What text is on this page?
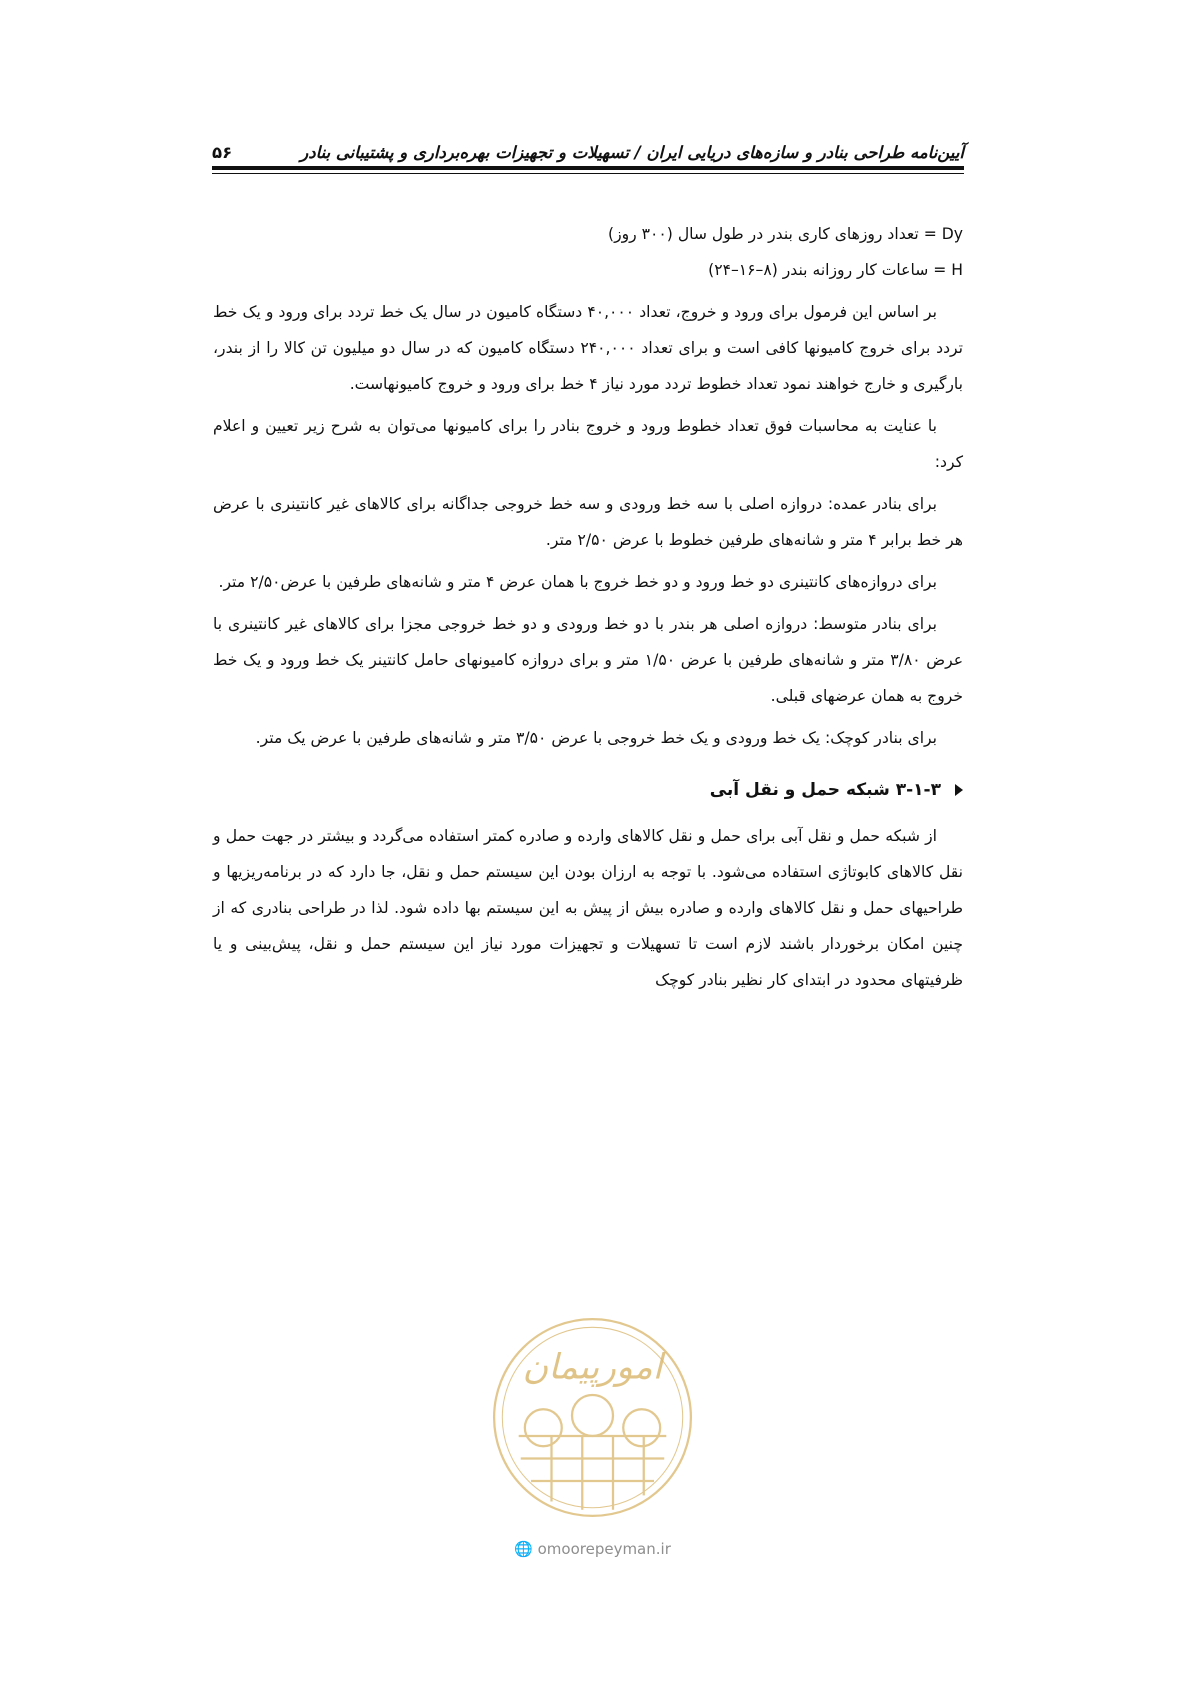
آیین‌نامه طراحی بنادر و سازه‌های دریایی ایران / تسهیلات و تجهیزات بهره‌برداری و پشتیبانی بنادر
۵۶

Dy = تعداد روزهای کاری بندر در طول سال (۳۰۰ روز)

H = ساعات کار روزانه بندر (۸–۱۶–۲۴)

بر اساس این فرمول برای ورود و خروج، تعداد ۴۰,۰۰۰ دستگاه کامیون در سال یک خط تردد برای ورود و یک خط تردد برای خروج کامیونها کافی است و برای تعداد ۲۴۰,۰۰۰ دستگاه کامیون که در سال دو میلیون تن کالا را از بندر، بارگیری و خارج خواهند نمود تعداد خطوط تردد مورد نیاز ۴ خط برای ورود و خروج کامیونهاست.

با عنایت به محاسبات فوق تعداد خطوط ورود و خروج بنادر را برای کامیونها می‌توان به شرح زیر تعیین و اعلام کرد:

برای بنادر عمده: دروازه اصلی با سه خط ورودی و سه خط خروجی جداگانه برای کالاهای غیر کانتینری با عرض هر خط برابر ۴ متر و شانه‌های طرفین خطوط با عرض ۲/۵۰ متر.

برای دروازه‌های کانتینری دو خط ورود و دو خط خروج با همان عرض ۴ متر و شانه‌های طرفین با عرض۲/۵۰ متر.

برای بنادر متوسط: دروازه اصلی هر بندر با دو خط ورودی و دو خط خروجی مجزا برای کالاهای غیر کانتینری با عرض ۳/۸۰ متر و شانه‌های طرفین با عرض ۱/۵۰ متر و برای دروازه کامیونهای حامل کانتینر یک خط ورود و یک خط خروج به همان عرضهای قبلی.

برای بنادر کوچک: یک خط ورودی و یک خط خروجی با عرض ۳/۵۰ متر و شانه‌های طرفین با عرض یک متر.

۳-۱-۳ شبکه حمل و نقل آبی

از شبکه حمل و نقل آبی برای حمل و نقل کالاهای وارده و صادره کمتر استفاده می‌گردد و بیشتر در جهت حمل و نقل کالاهای کابوتاژی استفاده می‌شود. با توجه به ارزان بودن این سیستم حمل و نقل، جا دارد که در برنامه‌ریزیها و طراحیهای حمل و نقل کالاهای وارده و صادره بیش از پیش به این سیستم بها داده شود. لذا در طراحی بنادری که از چنین امکان برخوردار باشند لازم است تا تسهیلات و تجهیزات مورد نیاز این سیستم حمل و نقل، پیش‌بینی و یا ظرفیتهای محدود در ابتدای کار نظیر بنادر کوچک

امورپیمان
🌐 omoorepeyman.ir
